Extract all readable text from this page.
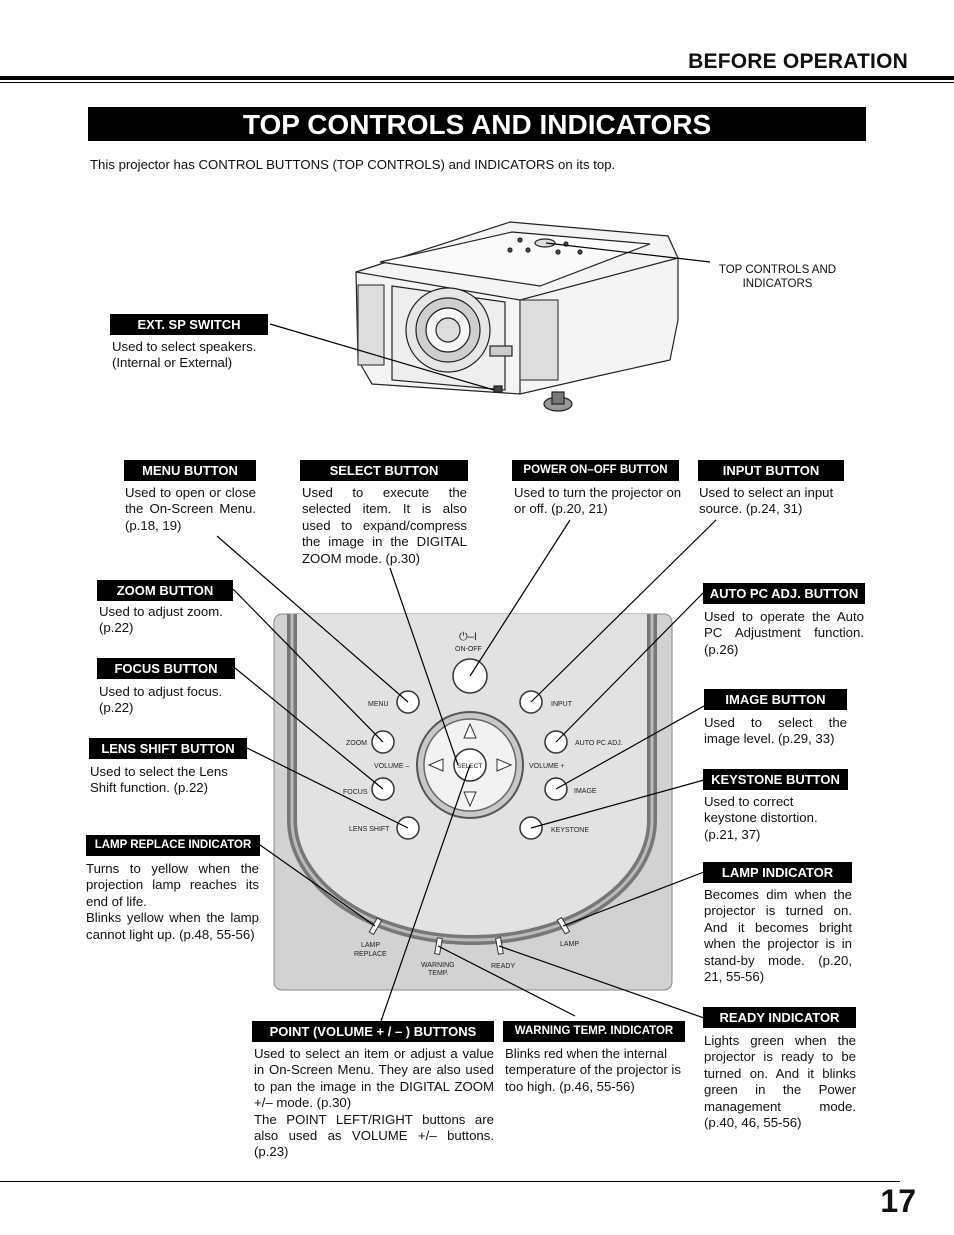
BEFORE OPERATION
TOP CONTROLS AND INDICATORS
This projector has CONTROL BUTTONS (TOP CONTROLS) and INDICATORS on its top.
⏻–I
ON-OFF
MENU
ZOOM
VOLUME –
FOCUS
LENS SHIFT
INPUT
AUTO PC ADJ.
VOLUME +
IMAGE
KEYSTONE
SELECT
LAMP
REPLACE
WARNING
TEMP.
READY
LAMP
TOP CONTROLS AND INDICATORS
EXT. SP SWITCH
Used to select speakers.
(Internal or External)
MENU BUTTON
Used to open or close the On-Screen Menu. (p.18, 19)
SELECT BUTTON
Used to execute the selected item. It is also used to expand/compress the image in the DIGITAL ZOOM mode. (p.30)
POWER ON–OFF BUTTON
Used to turn the projector on or off. (p.20, 21)
INPUT BUTTON
Used to select an input source. (p.24, 31)
ZOOM BUTTON
Used to adjust zoom. (p.22)
AUTO PC ADJ. BUTTON
Used to operate the Auto PC Adjustment function. (p.26)
FOCUS BUTTON
Used to adjust focus. (p.22)
IMAGE BUTTON
Used to select the image level. (p.29, 33)
LENS SHIFT BUTTON
Used to select the Lens Shift function. (p.22)
KEYSTONE BUTTON
Used to correct keystone distortion. (p.21, 37)
LAMP REPLACE INDICATOR

Turns to yellow when the projection lamp reaches its end of life.

Blinks yellow when the lamp cannot light up. (p.48, 55-56)

LAMP INDICATOR
Becomes dim when the projector is turned on. And it becomes bright when the projector is in stand-by mode. (p.20, 21, 55-56)
POINT (VOLUME + / – ) BUTTONS

Used to select an item or adjust a value in On-Screen Menu. They are also used to pan the image in the DIGITAL ZOOM +/– mode. (p.30)

The POINT LEFT/RIGHT buttons are also used as VOLUME +/– buttons. (p.23)

WARNING TEMP. INDICATOR
Blinks red when the internal temperature of the projector is too high. (p.46, 55-56)
READY INDICATOR
Lights green when the projector is ready to be turned on. And it blinks green in the Power management mode. (p.40, 46, 55-56)
17
